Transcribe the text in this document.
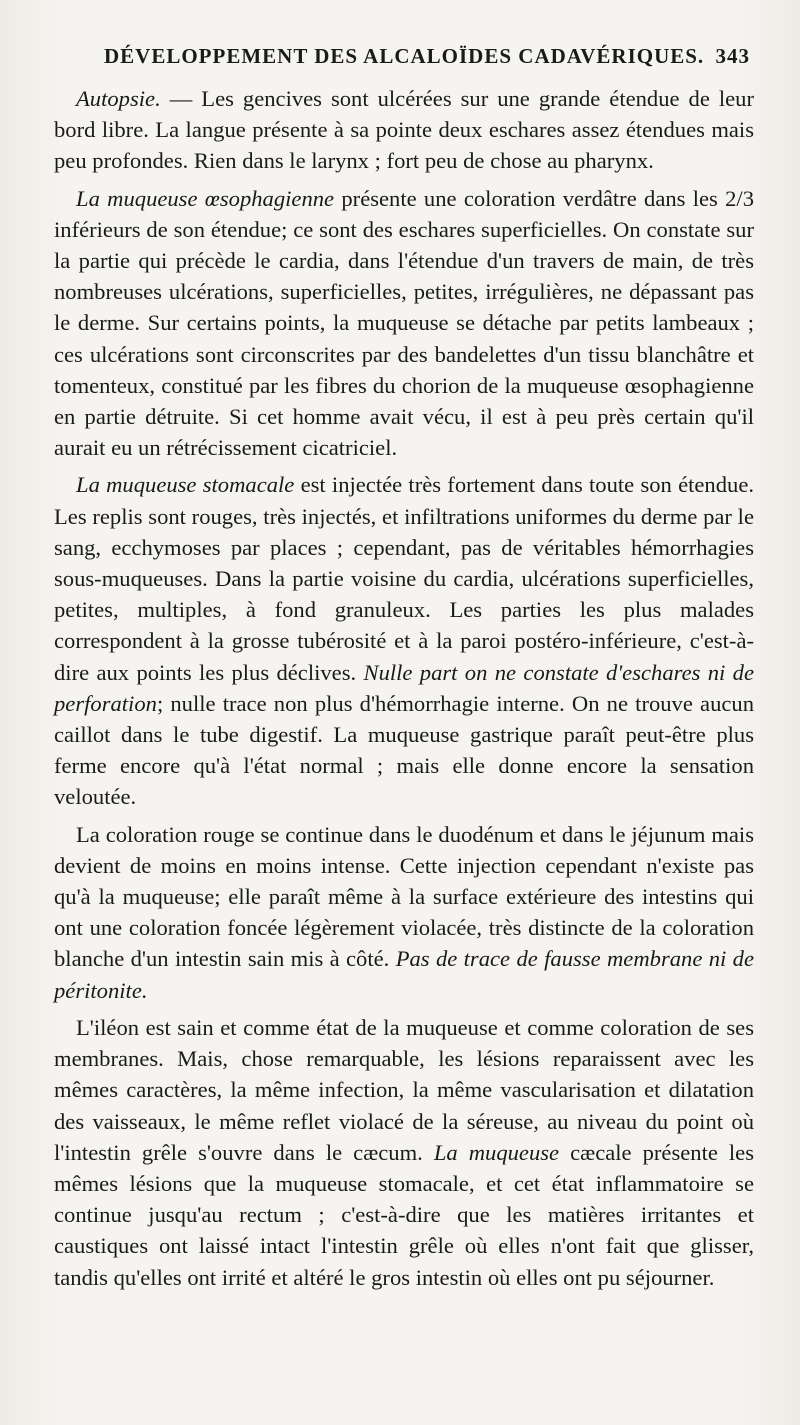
DÉVELOPPEMENT DES ALCALOÏDES CADAVÉRIQUES. 343

Autopsie. — Les gencives sont ulcérées sur une grande étendue de leur bord libre. La langue présente à sa pointe deux eschares assez étendues mais peu profondes. Rien dans le larynx ; fort peu de chose au pharynx.

La muqueuse œsophagienne présente une coloration verdâtre dans les 2/3 inférieurs de son étendue; ce sont des eschares superficielles. On constate sur la partie qui précède le cardia, dans l'étendue d'un travers de main, de très nombreuses ulcérations, superficielles, petites, irrégulières, ne dépassant pas le derme. Sur certains points, la muqueuse se détache par petits lambeaux ; ces ulcérations sont circonscrites par des bandelettes d'un tissu blanchâtre et tomenteux, constitué par les fibres du chorion de la muqueuse œsophagienne en partie détruite. Si cet homme avait vécu, il est à peu près certain qu'il aurait eu un rétrécissement cicatriciel.

La muqueuse stomacale est injectée très fortement dans toute son étendue. Les replis sont rouges, très injectés, et infiltrations uniformes du derme par le sang, ecchymoses par places ; cependant, pas de véritables hémorrhagies sous-muqueuses. Dans la partie voisine du cardia, ulcérations superficielles, petites, multiples, à fond granuleux. Les parties les plus malades correspondent à la grosse tubérosité et à la paroi postéro-inférieure, c'est-à-dire aux points les plus déclives. Nulle part on ne constate d'eschares ni de perforation; nulle trace non plus d'hémorrhagie interne. On ne trouve aucun caillot dans le tube digestif. La muqueuse gastrique paraît peut-être plus ferme encore qu'à l'état normal ; mais elle donne encore la sensation veloutée.

La coloration rouge se continue dans le duodénum et dans le jéjunum mais devient de moins en moins intense. Cette injection cependant n'existe pas qu'à la muqueuse; elle paraît même à la surface extérieure des intestins qui ont une coloration foncée légèrement violacée, très distincte de la coloration blanche d'un intestin sain mis à côté. Pas de trace de fausse membrane ni de péritonite.

L'iléon est sain et comme état de la muqueuse et comme coloration de ses membranes. Mais, chose remarquable, les lésions reparaissent avec les mêmes caractères, la même infection, la même vascularisation et dilatation des vaisseaux, le même reflet violacé de la séreuse, au niveau du point où l'intestin grêle s'ouvre dans le cæcum. La muqueuse cæcale présente les mêmes lésions que la muqueuse stomacale, et cet état inflammatoire se continue jusqu'au rectum ; c'est-à-dire que les matières irritantes et caustiques ont laissé intact l'intestin grêle où elles n'ont fait que glisser, tandis qu'elles ont irrité et altéré le gros intestin où elles ont pu séjourner.
